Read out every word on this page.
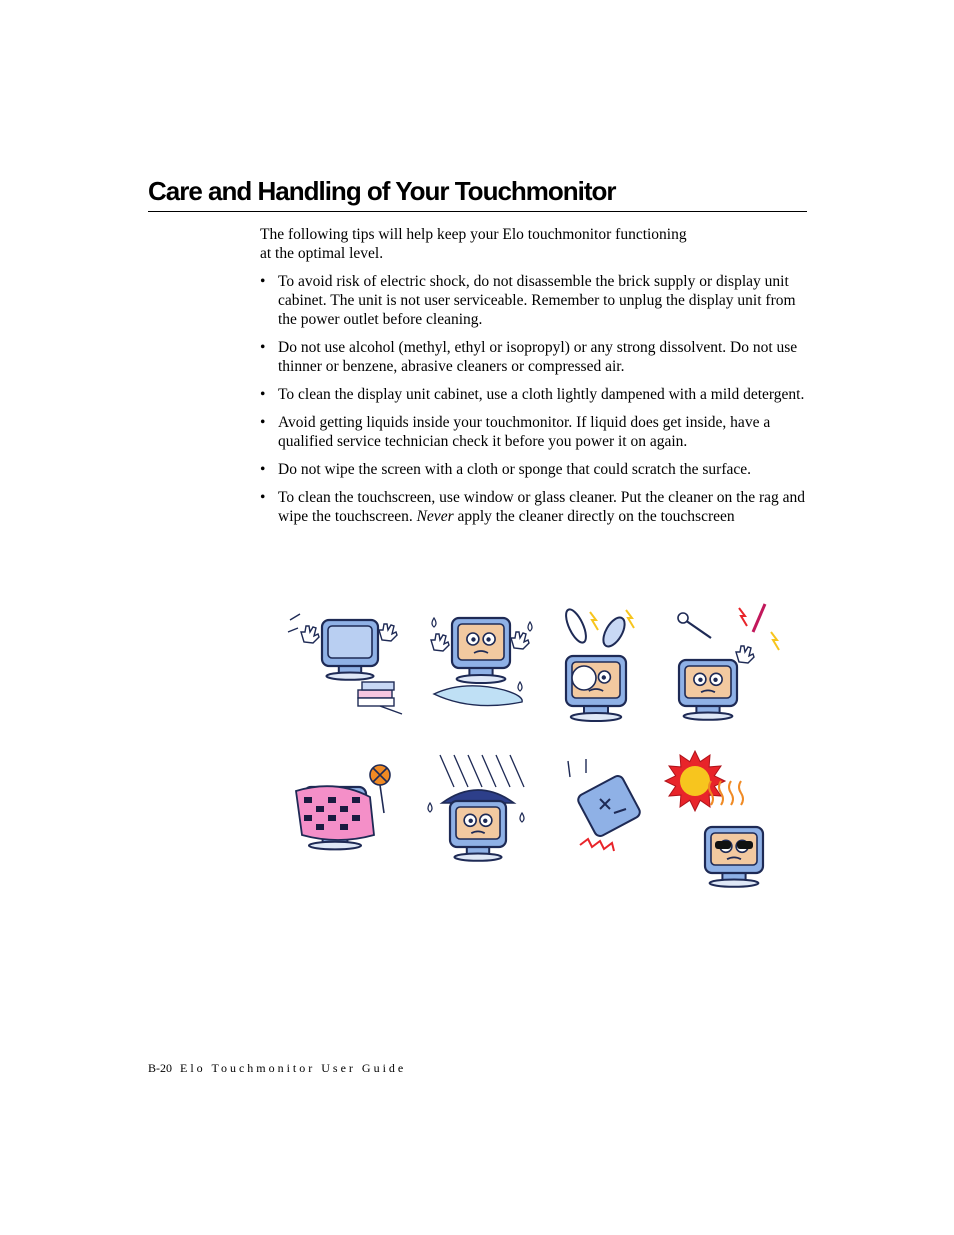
Care and Handling of Your Touchmonitor

The following tips will help keep your Elo touchmonitor functioning
at the optimal level.

• To avoid risk of electric shock, do not disassemble the brick supply or display unit cabinet. The unit is not user serviceable. Remember to unplug the display unit from the power outlet before cleaning.
• Do not use alcohol (methyl, ethyl or isopropyl) or any strong dissolvent. Do not use thinner or benzene, abrasive cleaners or compressed air.
• To clean the display unit cabinet, use a cloth lightly dampened with a mild detergent.
• Avoid getting liquids inside your touchmonitor. If liquid does get inside, have a qualified service technician check it before you power it on again.
• Do not wipe the screen with a cloth or sponge that could scratch the surface.
• To clean the touchscreen, use window or glass cleaner. Put the cleaner on the rag and wipe the touchscreen. Never apply the cleaner directly on the touchscreen
B-20 Elo Touchmonitor User Guide
